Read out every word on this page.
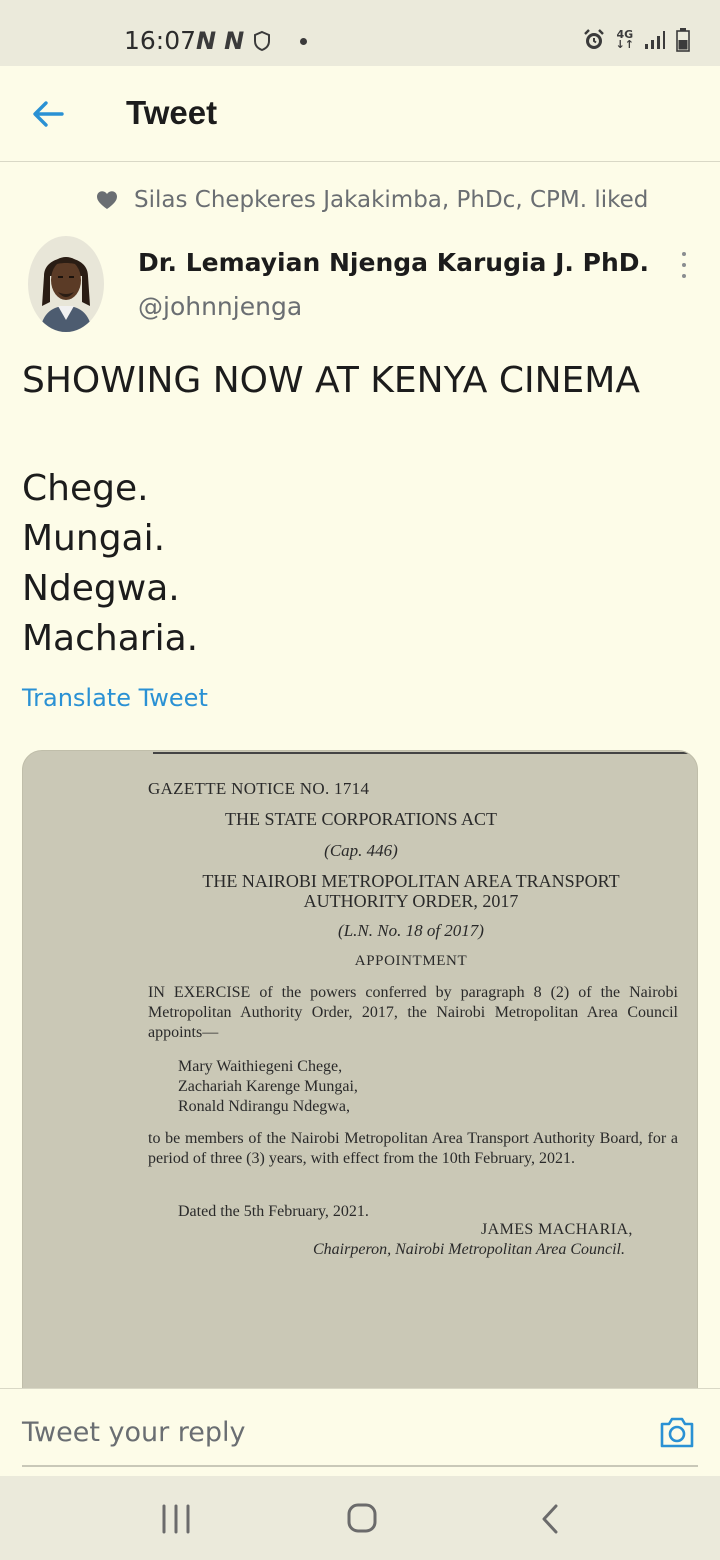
16:07 N N	4G
↓↑
Tweet
Silas Chepkeres Jakakimba, PhDc, CPM. liked
Dr. Lemayian Njenga Karugia J. PhD.
@johnnjenga
SHOWING NOW AT KENYA CINEMA
Chege.
Mungai.
Ndegwa.
Macharia.
Translate Tweet
GAZETTE NOTICE NO. 1714
THE STATE CORPORATIONS ACT
(Cap. 446)
THE NAIROBI METROPOLITAN AREA TRANSPORT
AUTHORITY ORDER, 2017
(L.N. No. 18 of 2017)
APPOINTMENT
IN EXERCISE of the powers conferred by paragraph 8 (2) of the Nairobi Metropolitan Authority Order, 2017, the Nairobi Metropolitan Area Council appoints—
Mary Waithiegeni Chege,
Zachariah Karenge Mungai,
Ronald Ndirangu Ndegwa,
to be members of the Nairobi Metropolitan Area Transport Authority Board, for a period of three (3) years, with effect from the 10th February, 2021.
Dated the 5th February, 2021.
JAMES MACHARIA,
Chairperon, Nairobi Metropolitan Area Council.
Tweet your reply
